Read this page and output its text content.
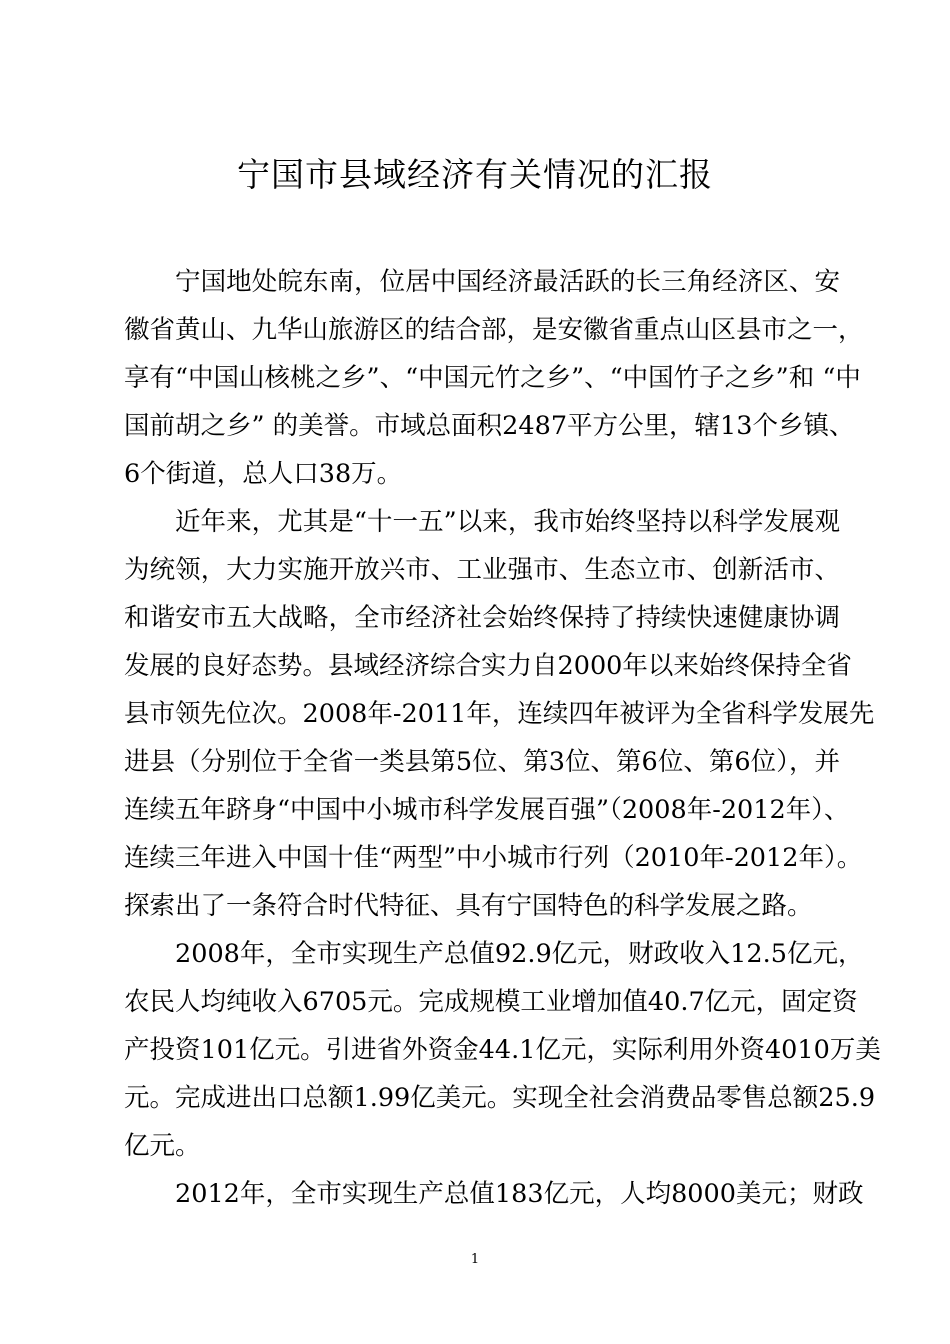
宁国市县域经济有关情况的汇报
宁国地处皖东南，位居中国经济最活跃的长三角经济区、安
徽省黄山、九华山旅游区的结合部，是安徽省重点山区县市之一，
享有“中国山核桃之乡”、“中国元竹之乡”、“中国竹子之乡”和 “中
国前胡之乡” 的美誉。市域总面积2487平方公里，辖13个乡镇、
6个街道，总人口38万。
近年来，尤其是“十一五”以来，我市始终坚持以科学发展观
为统领，大力实施开放兴市、工业强市、生态立市、创新活市、
和谐安市五大战略，全市经济社会始终保持了持续快速健康协调
发展的良好态势。县域经济综合实力自2000年以来始终保持全省
县市领先位次。2008年-2011年，连续四年被评为全省科学发展先
进县（分别位于全省一类县第5位、第3位、第6位、第6位），并
连续五年跻身“中国中小城市科学发展百强”（2008年-2012年）、
连续三年进入中国十佳“两型”中小城市行列（2010年-2012年）。
探索出了一条符合时代特征、具有宁国特色的科学发展之路。
2008年，全市实现生产总值92.9亿元，财政收入12.5亿元，
农民人均纯收入6705元。完成规模工业增加值40.7亿元，固定资
产投资101亿元。引进省外资金44.1亿元，实际利用外资4010万美
元。完成进出口总额1.99亿美元。实现全社会消费品零售总额25.9
亿元。
2012年，全市实现生产总值183亿元，人均8000美元；财政
1
